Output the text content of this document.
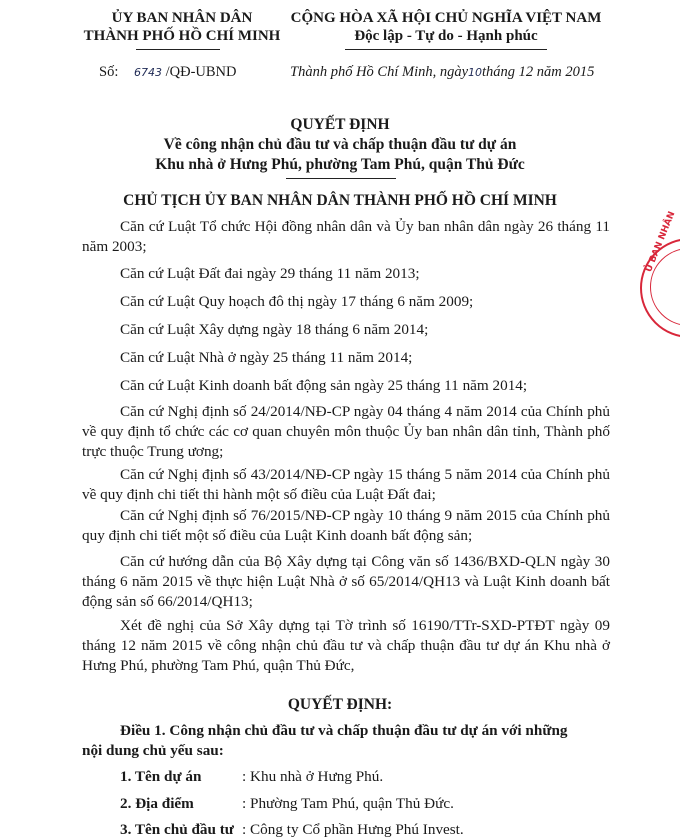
ỦY BAN NHÂN DÂN
THÀNH PHỐ HỒ CHÍ MINH
CỘNG HÒA XÃ HỘI CHỦ NGHĨA VIỆT NAM
Độc lập - Tự do - Hạnh phúc
Số: 6743 /QĐ-UBND	Thành phố Hồ Chí Minh, ngày10tháng 12 năm 2015
QUYẾT ĐỊNH
Về công nhận chủ đầu tư và chấp thuận đầu tư dự án
Khu nhà ở Hưng Phú, phường Tam Phú, quận Thủ Đức
CHỦ TỊCH ỦY BAN NHÂN DÂN THÀNH PHỐ HỒ CHÍ MINH
Căn cứ Luật Tổ chức Hội đồng nhân dân và Ủy ban nhân dân ngày 26 tháng 11 năm 2003;
Căn cứ Luật Đất đai ngày 29 tháng 11 năm 2013;
Căn cứ Luật Quy hoạch đô thị ngày 17 tháng 6 năm 2009;
Căn cứ Luật Xây dựng ngày 18 tháng 6 năm 2014;
Căn cứ Luật Nhà ở ngày 25 tháng 11 năm 2014;
Căn cứ Luật Kinh doanh bất động sản ngày 25 tháng 11 năm 2014;
Căn cứ Nghị định số 24/2014/NĐ-CP ngày 04 tháng 4 năm 2014 của Chính phủ về quy định tổ chức các cơ quan chuyên môn thuộc Ủy ban nhân dân tỉnh, Thành phố trực thuộc Trung ương;
Căn cứ Nghị định số 43/2014/NĐ-CP ngày 15 tháng 5 năm 2014 của Chính phủ về quy định chi tiết thi hành một số điều của Luật Đất đai;
Căn cứ Nghị định số 76/2015/NĐ-CP ngày 10 tháng 9 năm 2015 của Chính phủ quy định chi tiết một số điều của Luật Kinh doanh bất động sản;
Căn cứ hướng dẫn của Bộ Xây dựng tại Công văn số 1436/BXD-QLN ngày 30 tháng 6 năm 2015 về thực hiện Luật Nhà ở số 65/2014/QH13 và Luật Kinh doanh bất động sản số 66/2014/QH13;
Xét đề nghị của Sở Xây dựng tại Tờ trình số 16190/TTr-SXD-PTĐT ngày 09 tháng 12 năm 2015 về công nhận chủ đầu tư và chấp thuận đầu tư dự án Khu nhà ở Hưng Phú, phường Tam Phú, quận Thủ Đức,
QUYẾT ĐỊNH:
Điều 1. Công nhận chủ đầu tư và chấp thuận đầu tư dự án với những
nội dung chủ yếu sau:
1. Tên dự án	: Khu nhà ở Hưng Phú.
2. Địa điểm	: Phường Tam Phú, quận Thủ Đức.
3. Tên chủ đầu tư : Công ty Cổ phần Hưng Phú Invest.
Ủ BAN NHÂN
